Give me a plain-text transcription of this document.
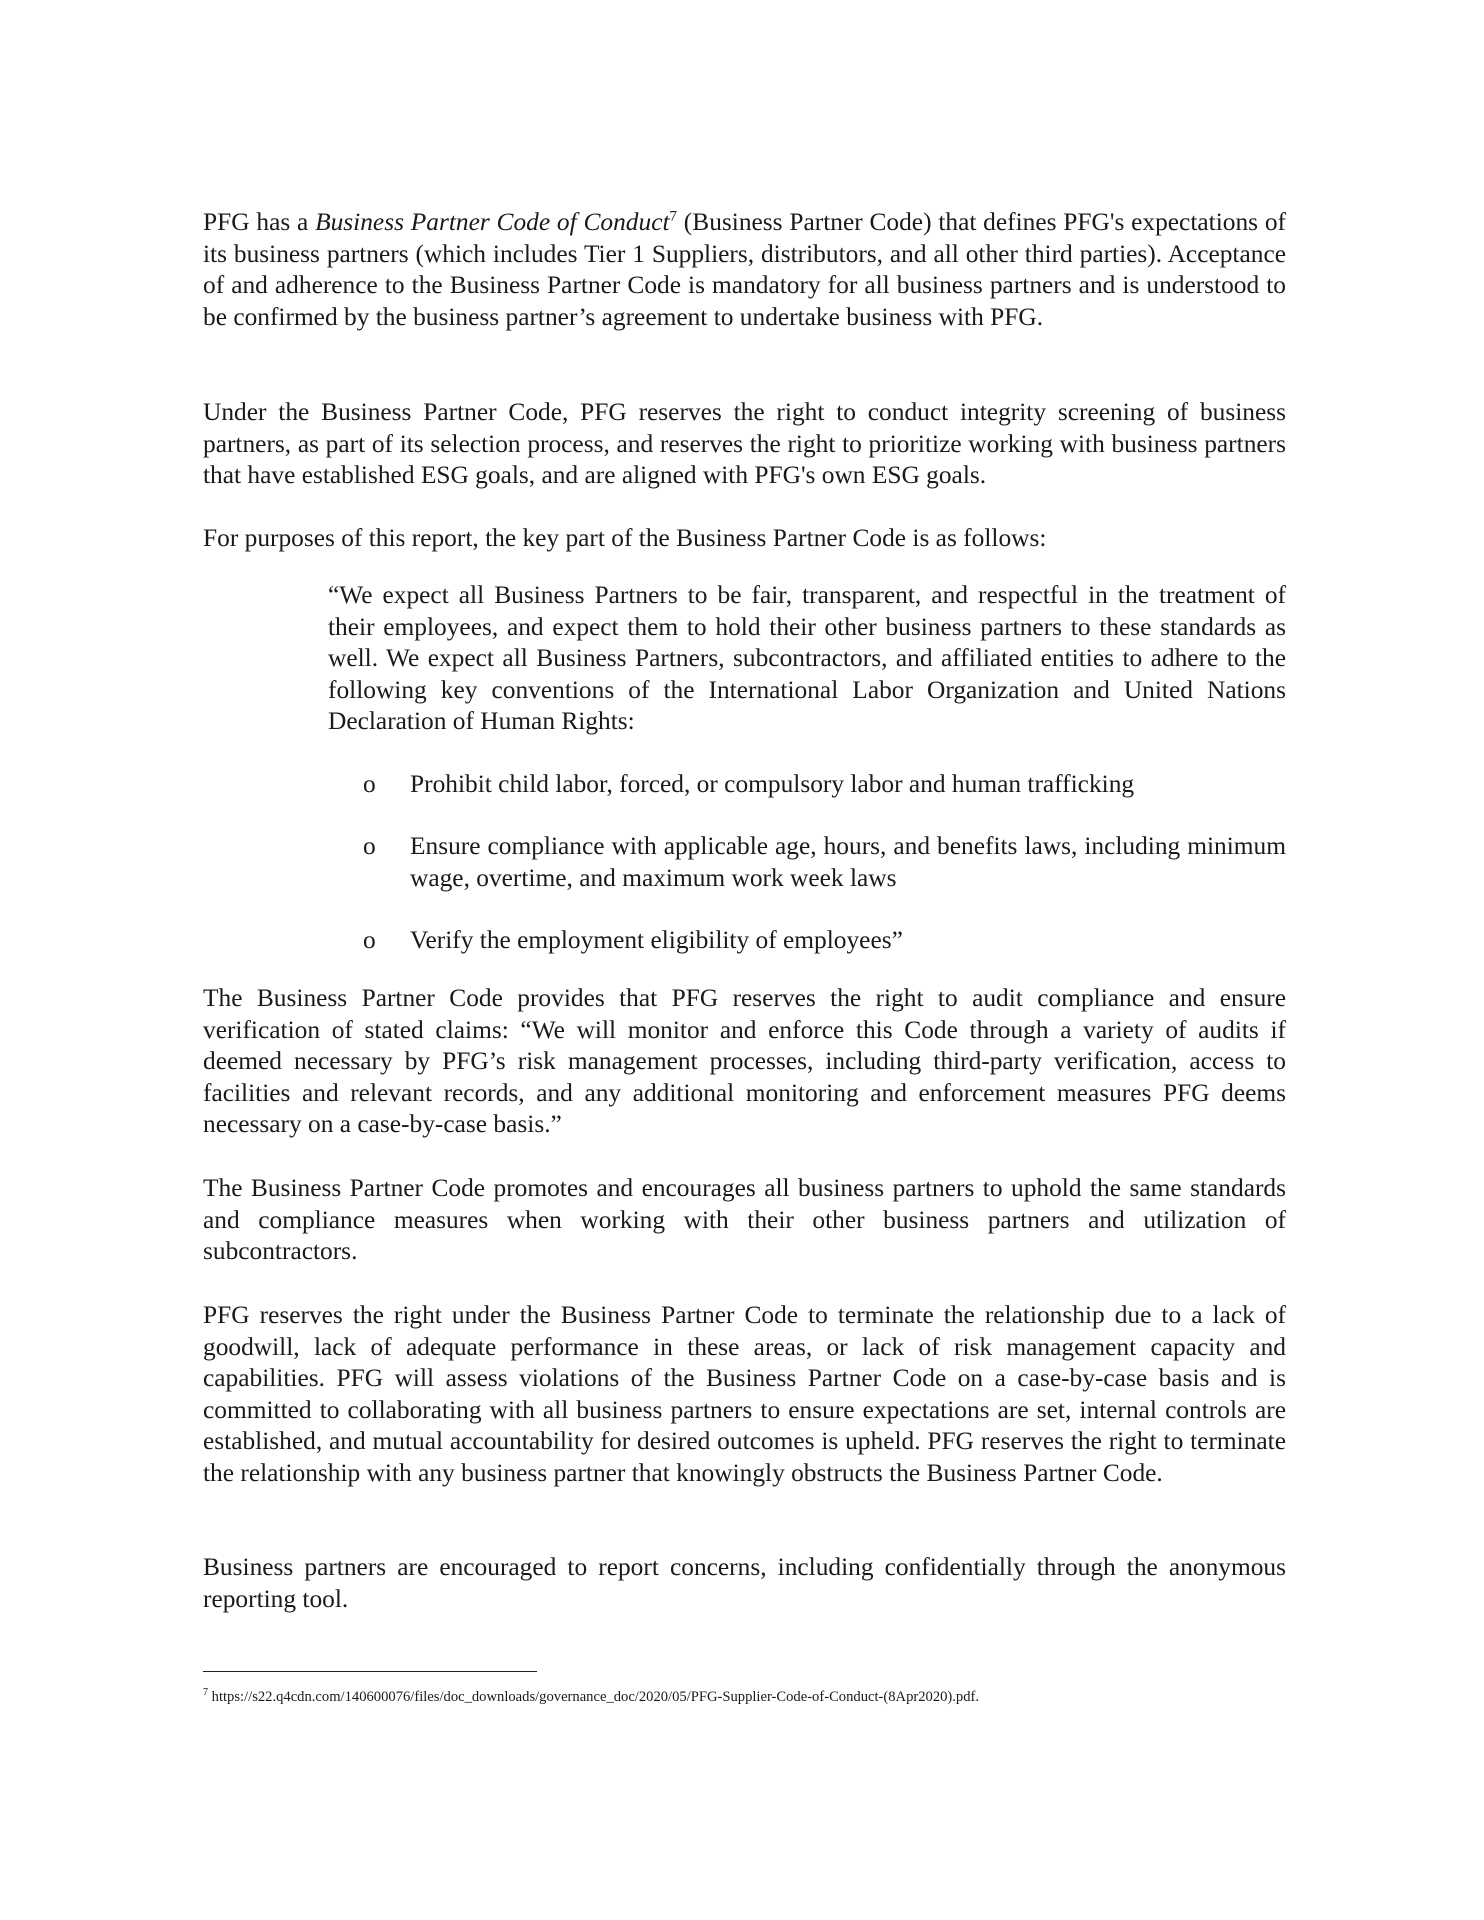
PFG has a Business Partner Code of Conduct$^7$ (Business Partner Code) that defines PFG's expectations of its business partners (which includes Tier 1 Suppliers, distributors, and all other third parties). Acceptance of and adherence to the Business Partner Code is mandatory for all business partners and is understood to be confirmed by the business partner’s agreement to undertake business with PFG.

Under the Business Partner Code, PFG reserves the right to conduct integrity screening of business partners, as part of its selection process, and reserves the right to prioritize working with business partners that have established ESG goals, and are aligned with PFG's own ESG goals.

For purposes of this report, the key part of the Business Partner Code is as follows:

“We expect all Business Partners to be fair, transparent, and respectful in the treatment of their employees, and expect them to hold their other business partners to these standards as well. We expect all Business Partners, subcontractors, and affiliated entities to adhere to the following key conventions of the International Labor Organization and United Nations Declaration of Human Rights:

o	Prohibit child labor, forced, or compulsory labor and human trafficking
o	Ensure compliance with applicable age, hours, and benefits laws, including minimum wage, overtime, and maximum work week laws
o	Verify the employment eligibility of employees”

The Business Partner Code provides that PFG reserves the right to audit compliance and ensure verification of stated claims: “We will monitor and enforce this Code through a variety of audits if deemed necessary by PFG’s risk management processes, including third-party verification, access to facilities and relevant records, and any additional monitoring and enforcement measures PFG deems necessary on a case-by-case basis.”

The Business Partner Code promotes and encourages all business partners to uphold the same standards and compliance measures when working with their other business partners and utilization of subcontractors.

PFG reserves the right under the Business Partner Code to terminate the relationship due to a lack of goodwill, lack of adequate performance in these areas, or lack of risk management capacity and capabilities. PFG will assess violations of the Business Partner Code on a case-by-case basis and is committed to collaborating with all business partners to ensure expectations are set, internal controls are established, and mutual accountability for desired outcomes is upheld. PFG reserves the right to terminate the relationship with any business partner that knowingly obstructs the Business Partner Code.

Business partners are encouraged to report concerns, including confidentially through the anonymous reporting tool.

$^7$ https://s22.q4cdn.com/140600076/files/doc_downloads/governance_doc/2020/05/PFG-Supplier-Code-of-Conduct-(8Apr2020).pdf.
